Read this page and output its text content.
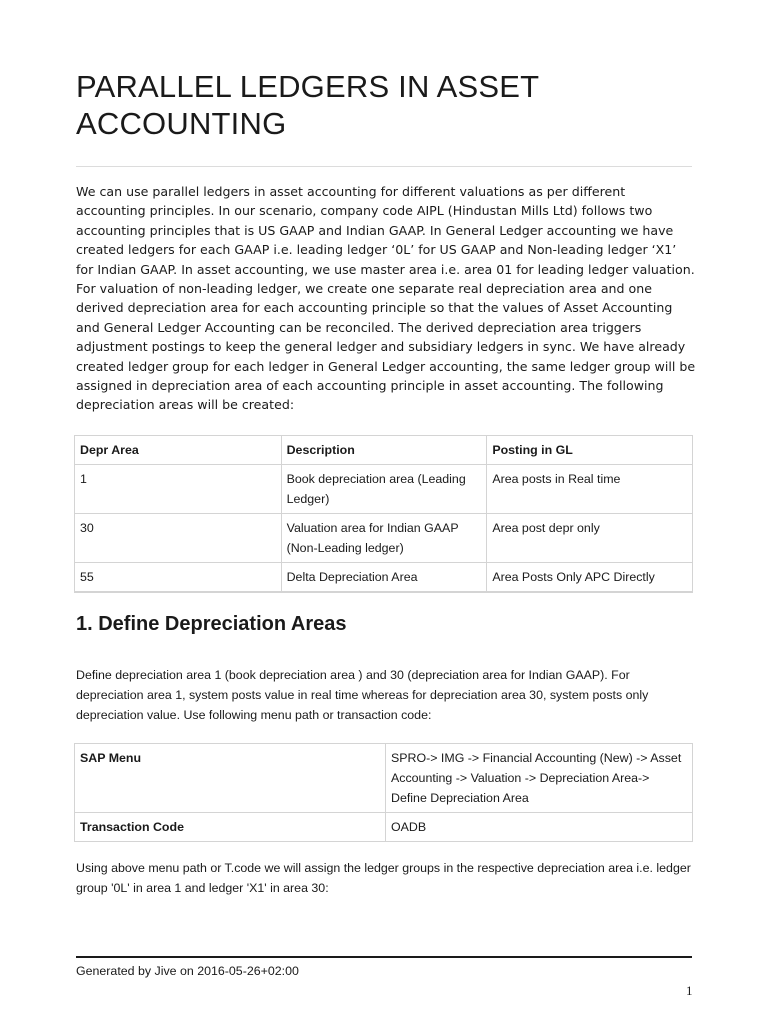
PARALLEL LEDGERS IN ASSET ACCOUNTING

We can use parallel ledgers in asset accounting for different valuations as per different accounting principles. In our scenario, company code AIPL (Hindustan Mills Ltd) follows two accounting principles that is US GAAP and Indian GAAP. In General Ledger accounting we have created ledgers for each GAAP i.e. leading ledger ‘0L’ for US GAAP and Non-leading ledger ‘X1’ for Indian GAAP. In asset accounting, we use master area i.e. area 01 for leading ledger valuation. For valuation of non-leading ledger, we create one separate real depreciation area and one derived depreciation area for each accounting principle so that the values of Asset Accounting and General Ledger Accounting can be reconciled. The derived depreciation area triggers adjustment postings to keep the general ledger and subsidiary ledgers in sync. We have already created ledger group for each ledger in General Ledger accounting, the same ledger group will be assigned in depreciation area of each accounting principle in asset accounting. The following depreciation areas will be created:

Depr Area	Description	Posting in GL
1	Book depreciation area (Leading Ledger)	Area posts in Real time
30	Valuation area for Indian GAAP (Non-Leading ledger)	Area post depr only
55	Delta Depreciation Area	Area Posts Only APC Directly

1. Define Depreciation Areas

Define depreciation area 1 (book depreciation area ) and 30 (depreciation area for Indian GAAP). For depreciation area 1, system posts value in real time whereas for depreciation area 30, system posts only depreciation value. Use following menu path or transaction code:

SAP Menu	SPRO-> IMG -> Financial Accounting (New) -> Asset Accounting -> Valuation -> Depreciation Area-> Define Depreciation Area
Transaction Code	OADB

Using above menu path or T.code we will assign the ledger groups in the respective depreciation area i.e. ledger group '0L' in area 1 and ledger 'X1' in area 30:

Generated by Jive on 2016-05-26+02:00

1
